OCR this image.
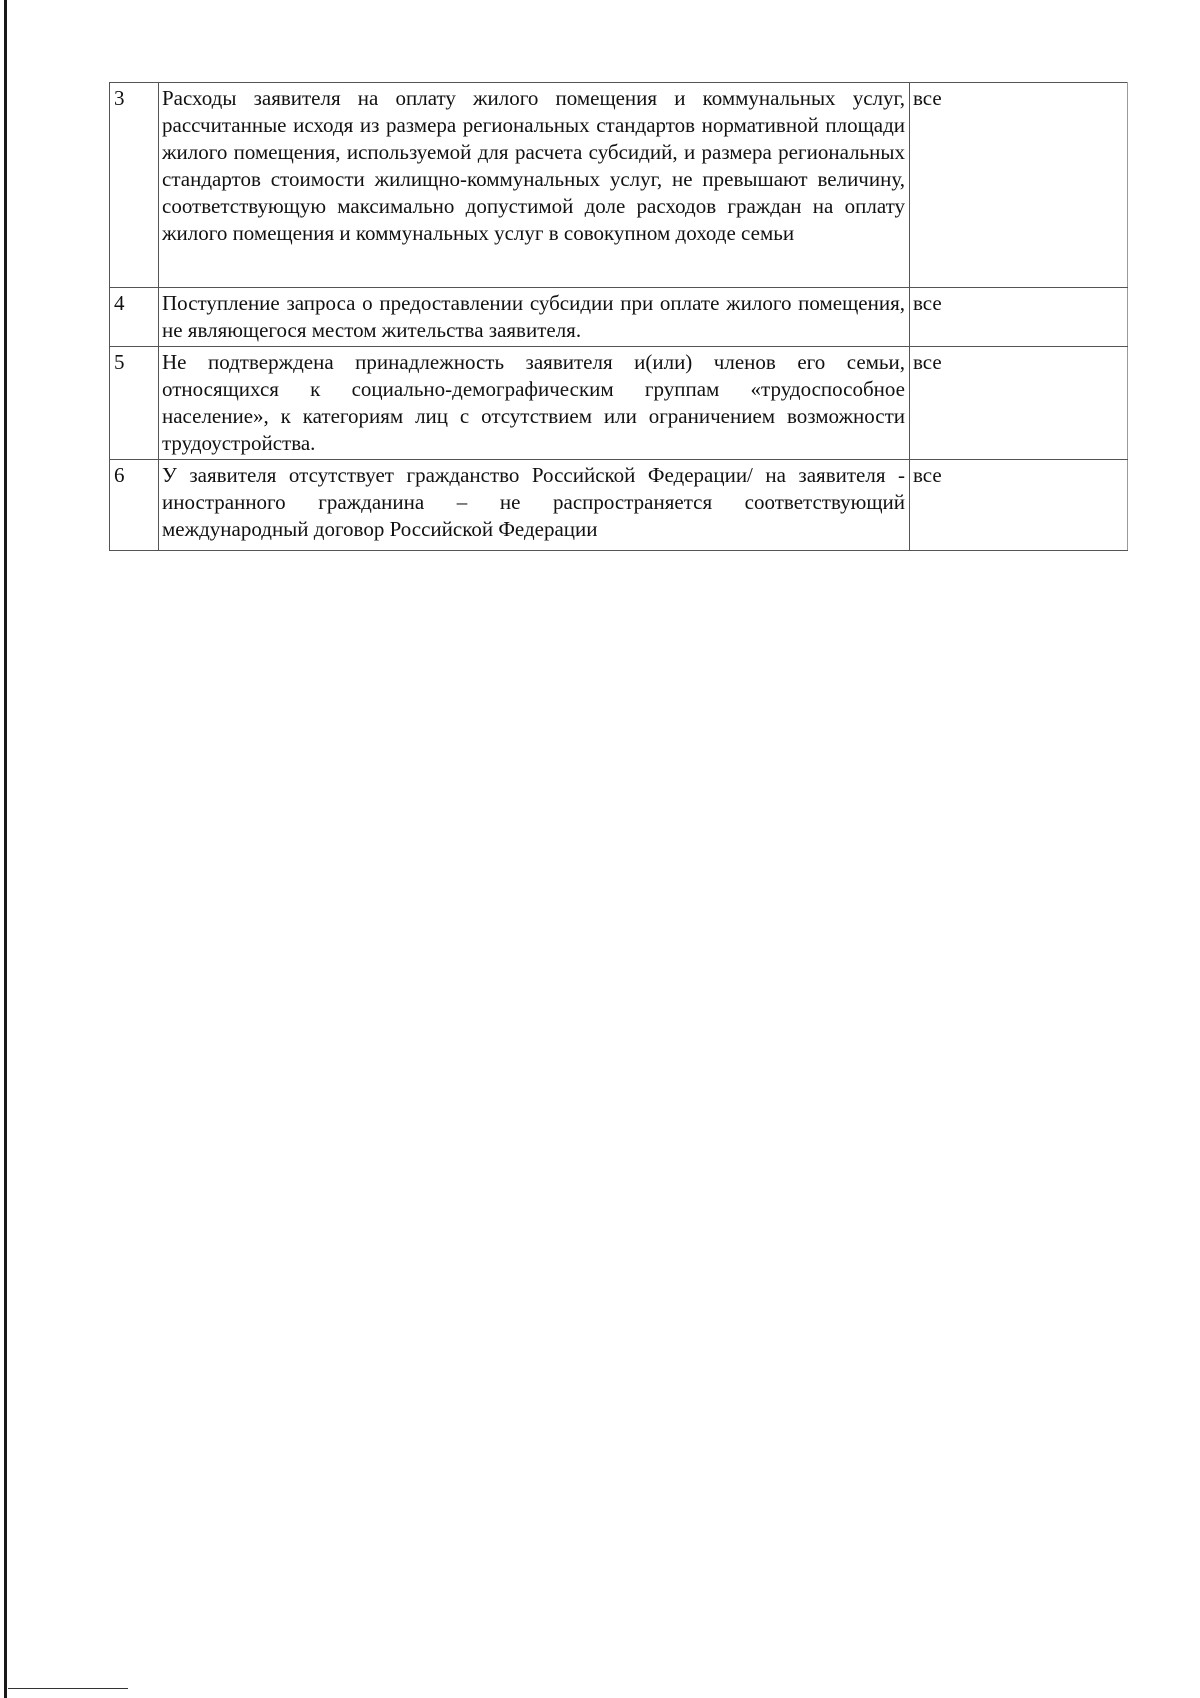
3	Расходы заявителя на оплату жилого помещения и коммунальных услуг, рассчитанные исходя из размера региональных стандартов нормативной площади жилого помещения, используемой для расчета субсидий, и размера региональных стандартов стоимости жилищно-коммунальных услуг, не превышают величину, соответствующую максимально допустимой доле расходов граждан на оплату жилого помещения и коммунальных услуг в совокупном доходе семьи	все
4	Поступление запроса о предоставлении субсидии при оплате жилого помещения, не являющегося местом жительства заявителя.	все
5	Не подтверждена принадлежность заявителя и(или) членов его семьи, относящихся к социально-демографическим группам «трудоспособное население», к категориям лиц с отсутствием или ограничением возможности трудоустройства.	все
6	У заявителя отсутствует гражданство Российской Федерации/ на заявителя - иностранного гражданина – не распространяется соответствующий международный договор Российской Федерации	все
